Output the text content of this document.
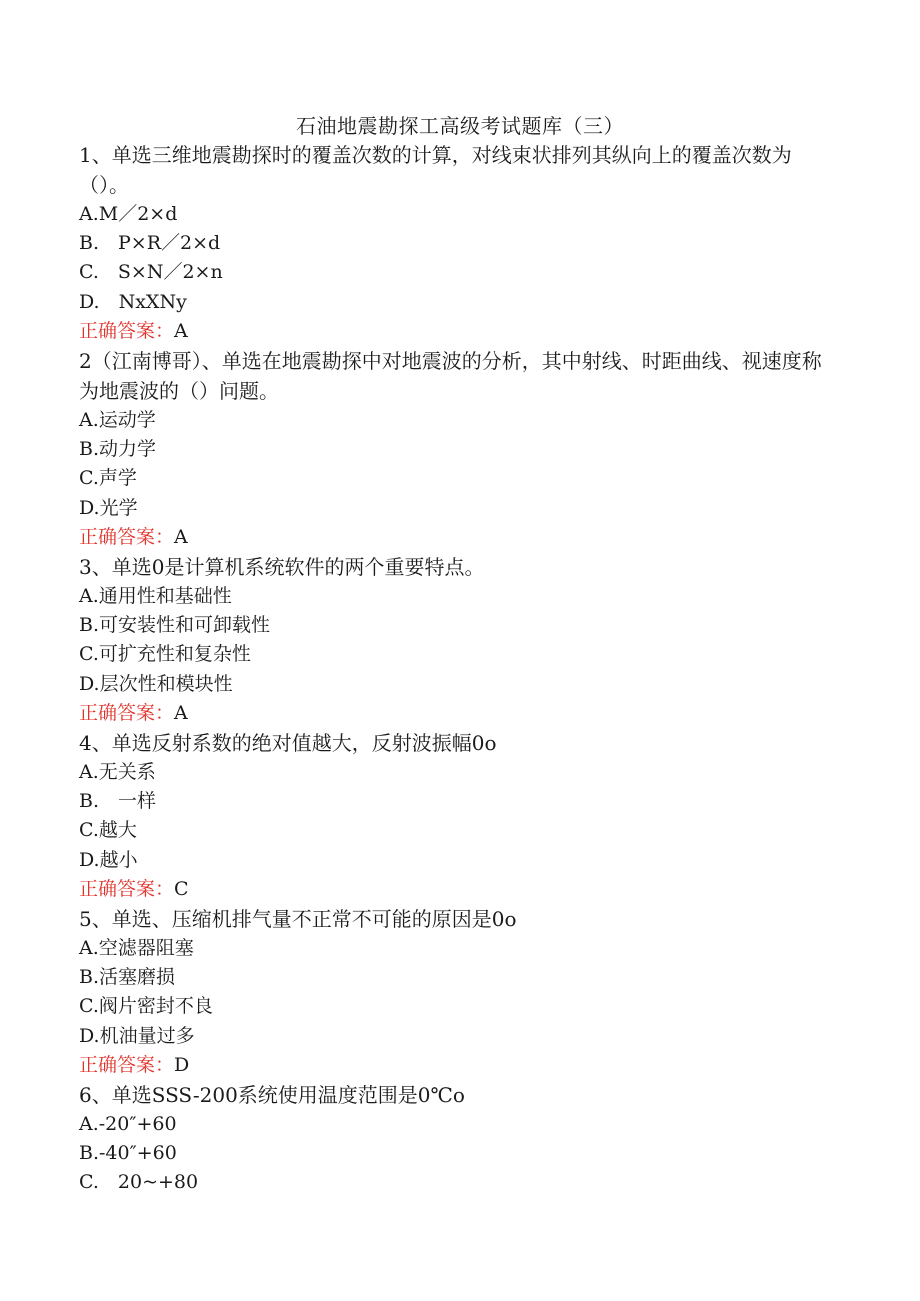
石油地震勘探工高级考试题库（三）

1、单选三维地震勘探时的覆盖次数的计算，对线束状排列其纵向上的覆盖次数为（）。

A.M／2×d

B.　P×R／2×d

C.　S×N／2×n

D.　NxXNy

正确答案：A

2（江南博哥）、单选在地震勘探中对地震波的分析，其中射线、时距曲线、视速度称为地震波的（）问题。

A.运动学

B.动力学

C.声学

D.光学

正确答案：A

3、单选0是计算机系统软件的两个重要特点。

A.通用性和基础性

B.可安装性和可卸载性

C.可扩充性和复杂性

D.层次性和模块性

正确答案：A

4、单选反射系数的绝对值越大，反射波振幅0o

A.无关系

B.　一样

C.越大

D.越小

正确答案：C

5、单选、压缩机排气量不正常不可能的原因是0o

A.空滤器阻塞

B.活塞磨损

C.阀片密封不良

D.机油量过多

正确答案：D

6、单选SSS-200系统使用温度范围是0℃o

A.-20″+60

B.-40″+60

C.　20~+80
